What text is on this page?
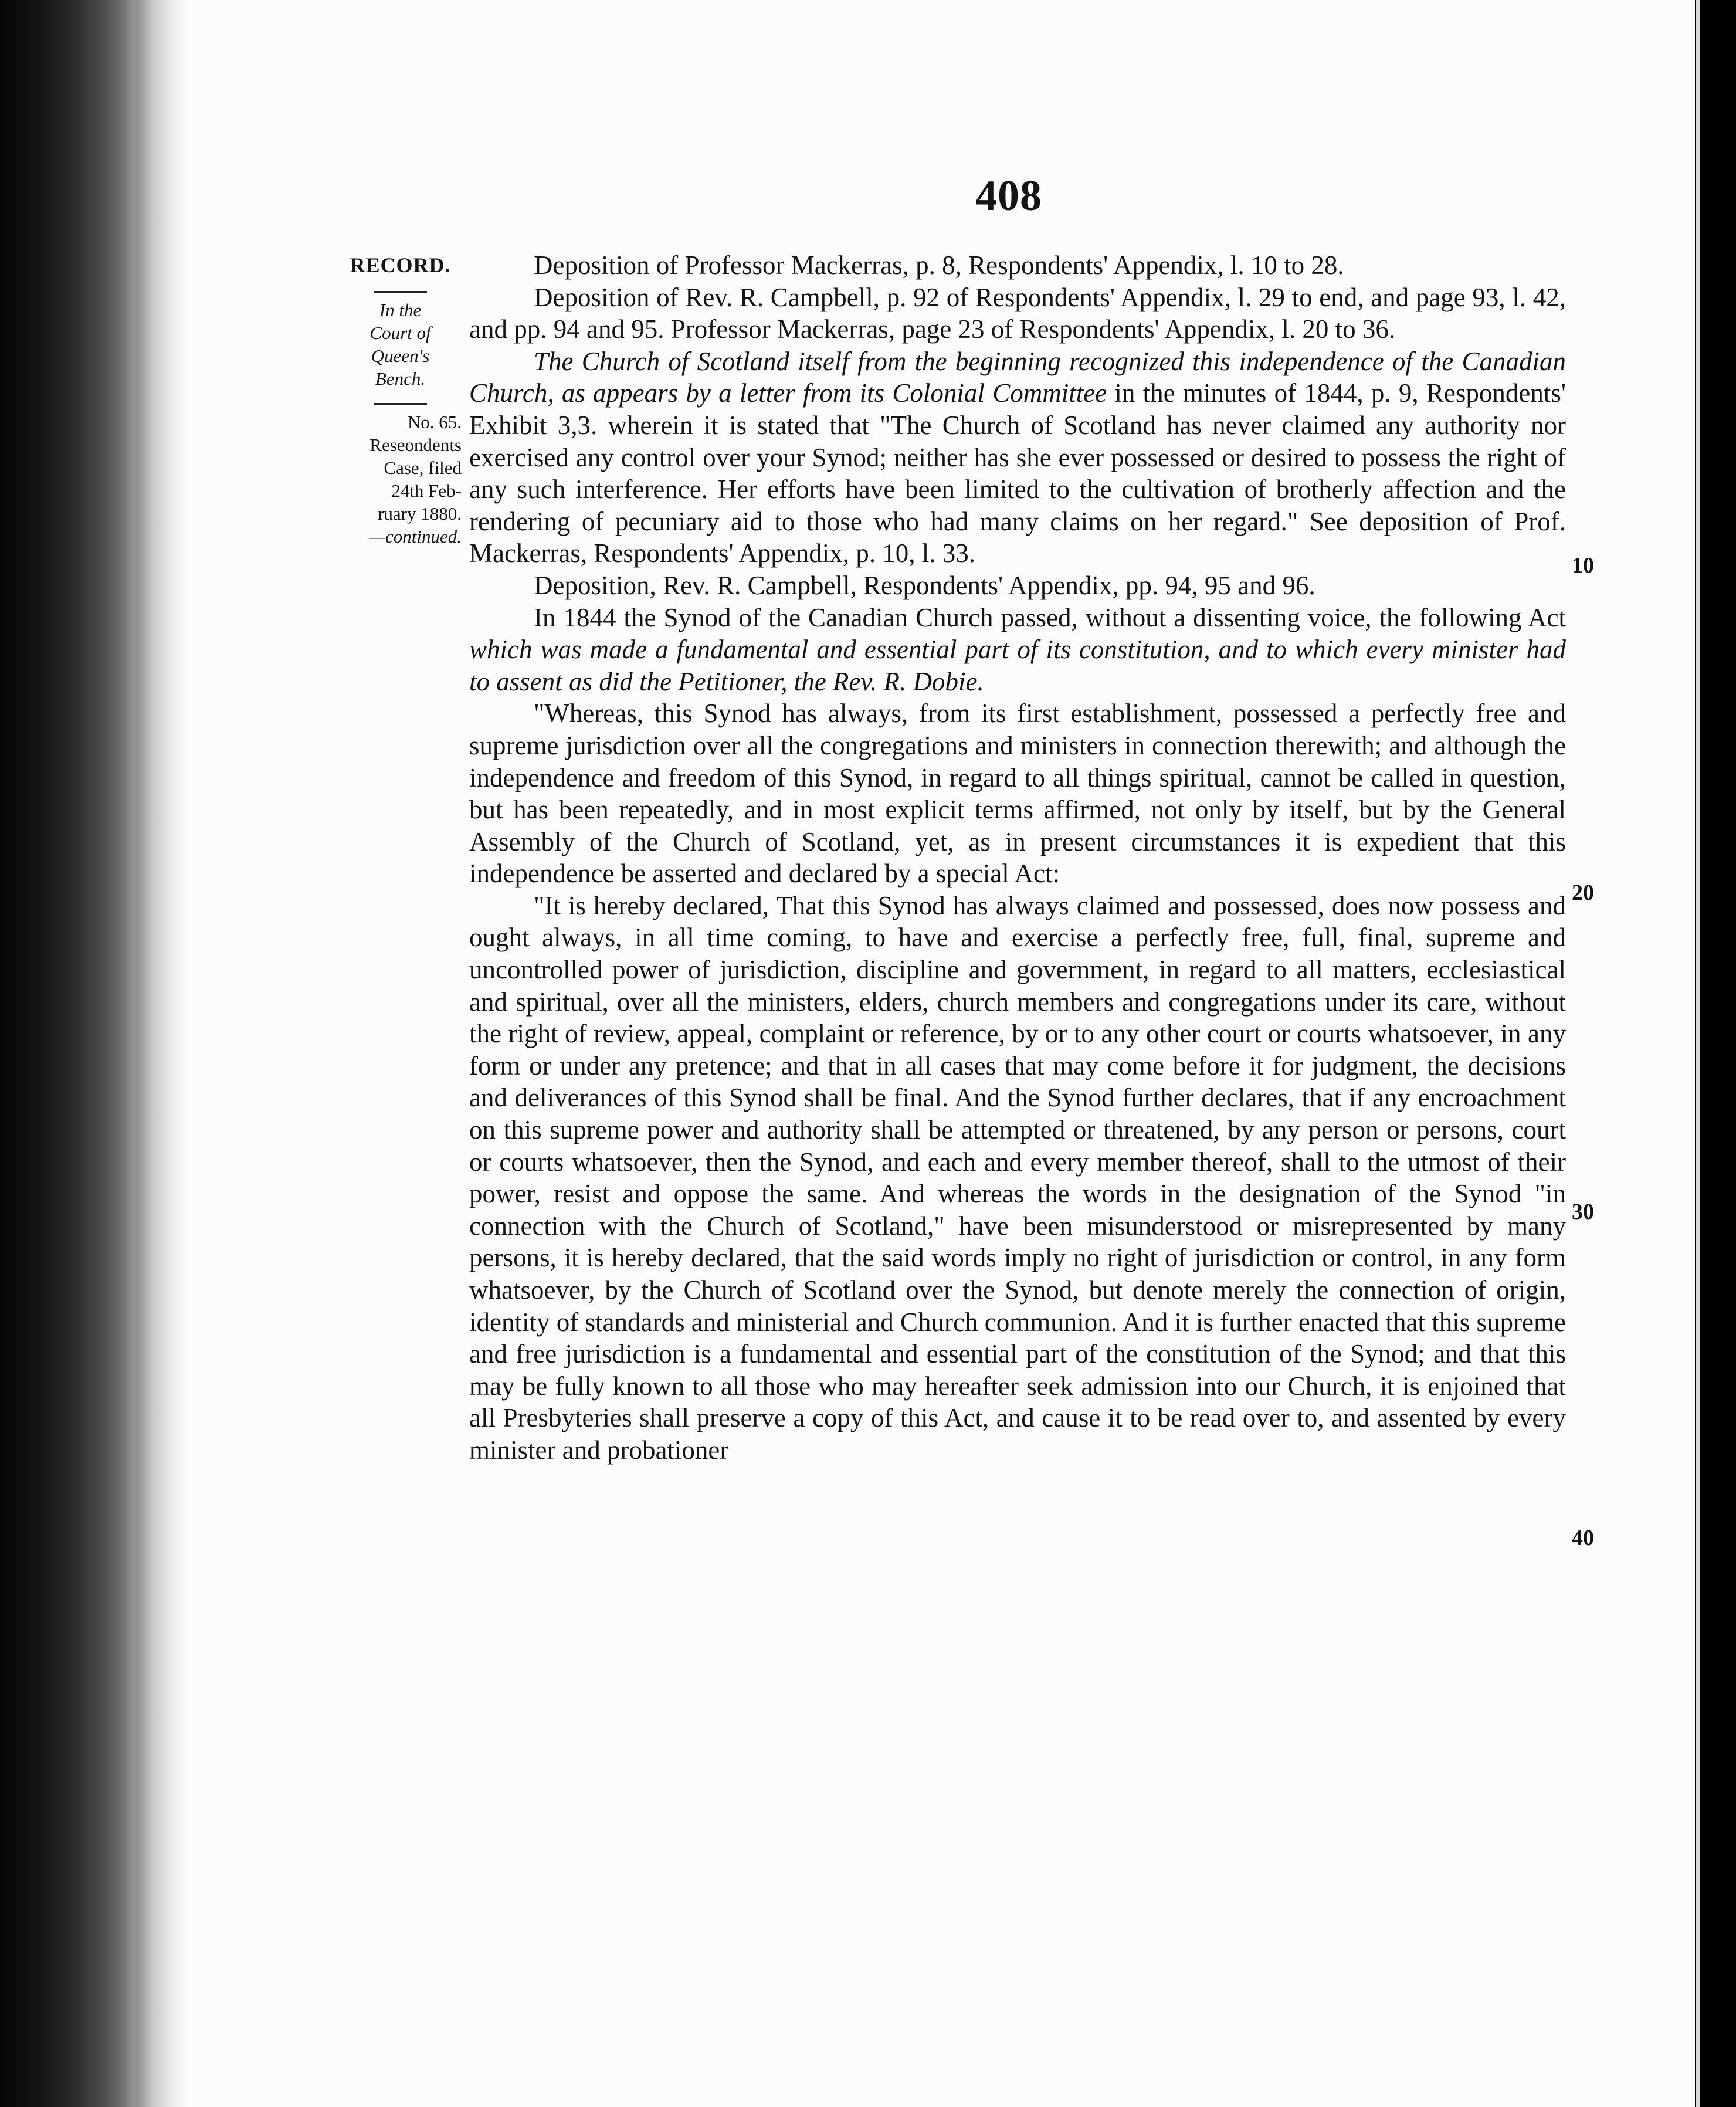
408

RECORD.

In the

Court of

Queen's

Bench.

No. 65.

Reseondents

Case, filed

24th Feb-

ruary 1880.

—continued.

Deposition of Professor Mackerras, p. 8, Respondents' Appendix, l. 10 to 28.

Deposition of Rev. R. Campbell, p. 92 of Respondents' Appendix, l. 29 to end, and page 93, l. 42, and pp. 94 and 95. Professor Mackerras, page 23 of Respondents' Appendix, l. 20 to 36.

The Church of Scotland itself from the beginning recognized this independence of the Canadian Church, as appears by a letter from its Colonial Committee in the minutes of 1844, p. 9, Respondents' Exhibit 3,3. wherein it is stated that "The Church of Scotland has never claimed any authority nor exercised any control over your Synod; neither has she ever possessed or desired to possess the right of any such interference. Her efforts have been limited to the cultivation of brotherly affection and the rendering of pecuniary aid to those who had many claims on her regard." See deposition of Prof. Mackerras, Respondents' Appendix, p. 10, l. 33.

Deposition, Rev. R. Campbell, Respondents' Appendix, pp. 94, 95 and 96.

In 1844 the Synod of the Canadian Church passed, without a dissenting voice, the following Act which was made a fundamental and essential part of its constitution, and to which every minister had to assent as did the Petitioner, the Rev. R. Dobie.

"Whereas, this Synod has always, from its first establishment, possessed a perfectly free and supreme jurisdiction over all the congregations and ministers in connection therewith; and although the independence and freedom of this Synod, in regard to all things spiritual, cannot be called in question, but has been repeatedly, and in most explicit terms affirmed, not only by itself, but by the General Assembly of the Church of Scotland, yet, as in present circumstances it is expedient that this independence be asserted and declared by a special Act:

"It is hereby declared, That this Synod has always claimed and possessed, does now possess and ought always, in all time coming, to have and exercise a perfectly free, full, final, supreme and uncontrolled power of jurisdiction, discipline and government, in regard to all matters, ecclesiastical and spiritual, over all the ministers, elders, church members and congregations under its care, without the right of review, appeal, complaint or reference, by or to any other court or courts whatsoever, in any form or under any pretence; and that in all cases that may come before it for judgment, the decisions and deliverances of this Synod shall be final. And the Synod further declares, that if any encroachment on this supreme power and authority shall be attempted or threatened, by any person or persons, court or courts whatsoever, then the Synod, and each and every member thereof, shall to the utmost of their power, resist and oppose the same. And whereas the words in the designation of the Synod "in connection with the Church of Scotland," have been misunderstood or misrepresented by many persons, it is hereby declared, that the said words imply no right of jurisdiction or control, in any form whatsoever, by the Church of Scotland over the Synod, but denote merely the connection of origin, identity of standards and ministerial and Church communion. And it is further enacted that this supreme and free jurisdiction is a fundamental and essential part of the constitution of the Synod; and that this may be fully known to all those who may hereafter seek admission into our Church, it is enjoined that all Presbyteries shall preserve a copy of this Act, and cause it to be read over to, and assented by every minister and probationer

10
20
30
40
